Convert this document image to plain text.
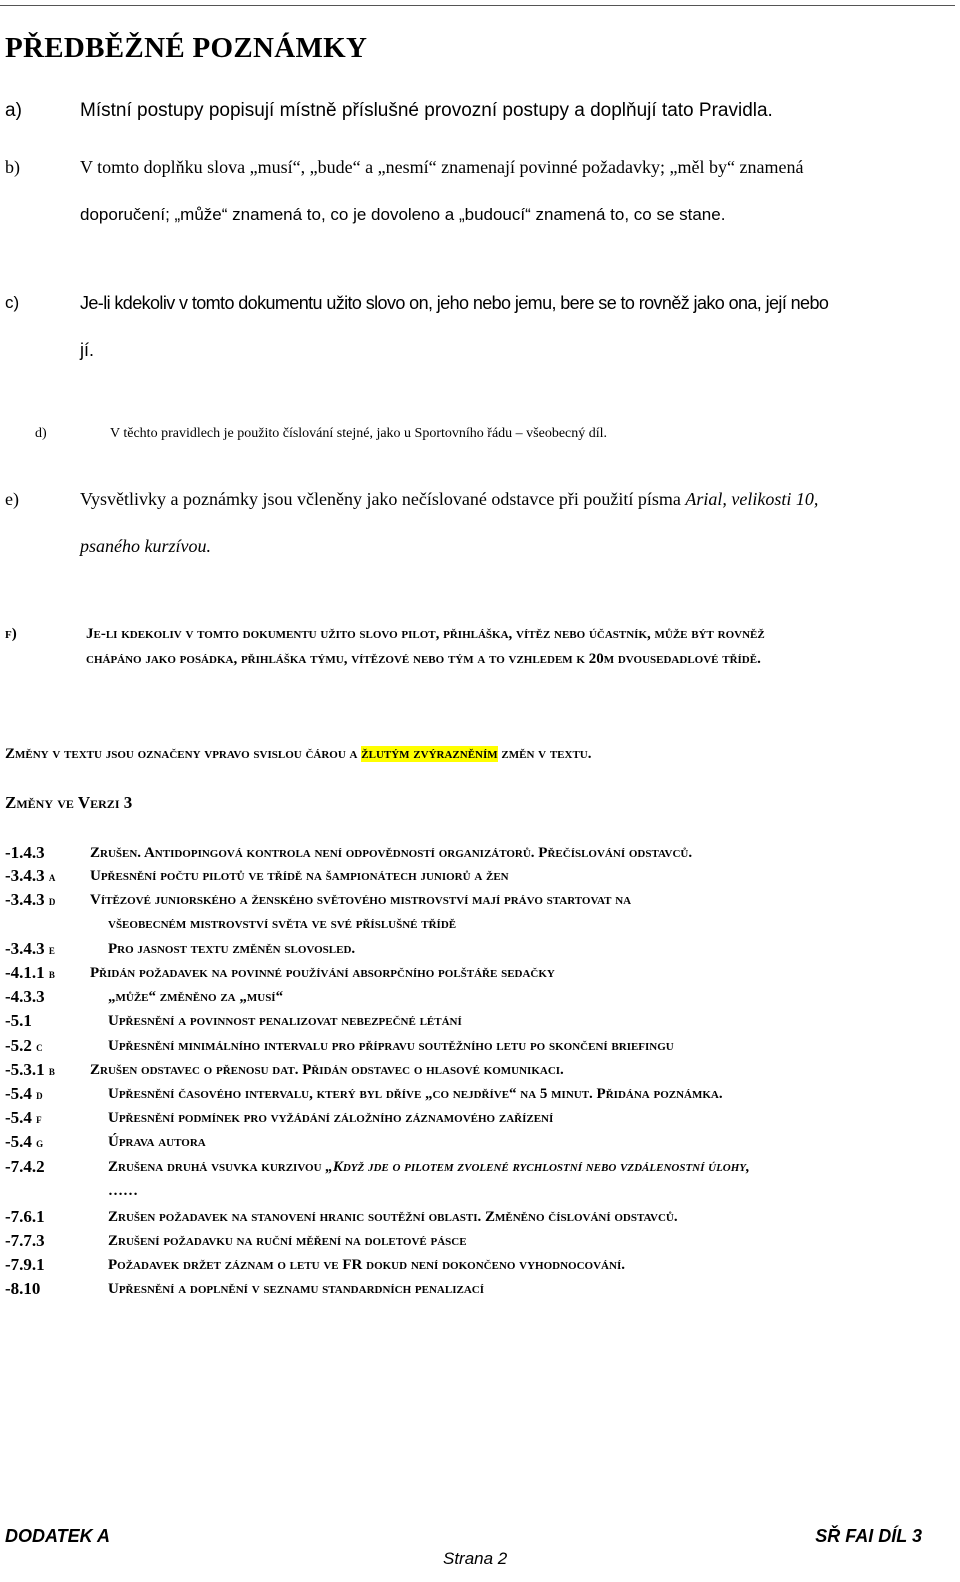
PŘEDBĚŽNÉ POZNÁMKY
a)	Místní postupy popisují místně příslušné provozní postupy a doplňují tato Pravidla.
b)	V tomto doplňku slova „musí“, „bude“ a „nesmí“ znamenají povinné požadavky; „měl by“ znamená
doporučení; „může“ znamená to, co je dovoleno a „budoucí“ znamená to, co se stane.
c)	Je-li kdekoliv v tomto dokumentu užito slovo on, jeho nebo jemu, bere se to rovněž jako ona, její nebo
jí.
d)	V těchto pravidlech je použito číslování stejné, jako u Sportovního řádu – všeobecný díl.
e)	Vysvětlivky a poznámky jsou včleněny jako nečíslované odstavce při použití písma Arial, velikosti 10,
psaného kurzívou.
f)	Je-li kdekoliv v tomto dokumentu užito slovo pilot, přihláška, vítěz nebo účastník, může být rovněž
chápáno jako posádka, přihláška týmu, vítězové nebo tým a to vzhledem k 20m dvousedadlové třídě.
Změny v textu jsou označeny vpravo svislou čárou a žlutým zvýrazněním změn v textu.
Změny ve Verzi 3
-1.4.3	Zrušen. Antidopingová kontrola není odpovědností organizátorů. Přečíslování odstavců.
-3.4.3 a Upřesnění počtu pilotů ve třídě na šampionátech juniorů a žen
-3.4.3 d Vítězové juniorského a ženského světového mistrovství mají právo startovat na
všeobecném mistrovství světa ve své příslušné třídě
-3.4.3 e	Pro jasnost textu změněn slovosled.
-4.1.1 b Přidán požadavek na povinné používání absorpčního polštáře sedačky
-4.3.3	„může“ změněno za „musí“
-5.1	Upřesnění a povinnost penalizovat nebezpečné létání
-5.2 c	Upřesnění minimálního intervalu pro přípravu soutěžního letu po skončení briefingu
-5.3.1 b Zrušen odstavec o přenosu dat. Přidán odstavec o hlasové komunikaci.
-5.4 d	Upřesnění časového intervalu, který byl dříve „co nejdříve“ na 5 minut. Přidána poznámka.
-5.4 f	Upřesnění podmínek pro vyžádání záložního záznamového zařízení
-5.4 g	Úprava autora
-7.4.2	Zrušena druhá vsuvka kurzivou „Když jde o pilotem zvolené rychlostní nebo vzdálenostní úlohy,
……
-7.6.1	Zrušen požadavek na stanovení hranic soutěžní oblasti. Změněno číslování odstavců.
-7.7.3	Zrušení požadavku na ruční měření na doletové pásce
-7.9.1	Požadavek držet záznam o letu ve FR dokud není dokončeno vyhodnocování.
-8.10	Upřesnění a doplnění v seznamu standardních penalizací
DODATEK A	SŘ FAI DÍL 3
Strana 2
